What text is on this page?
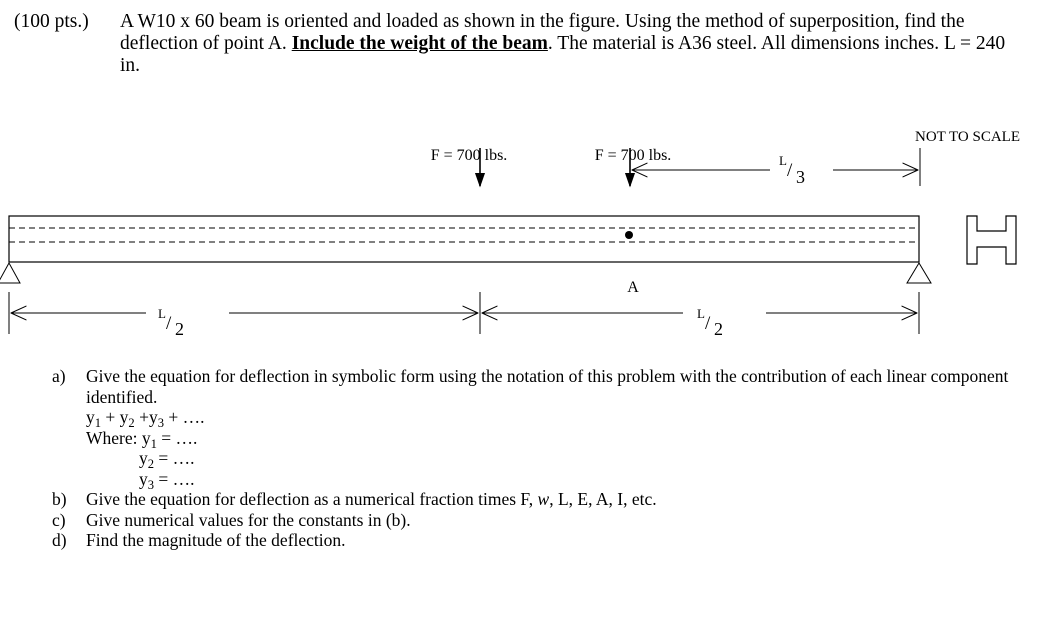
(100 pts.) A W10 x 60 beam is oriented and loaded as shown in the figure. Using the method of superposition, find the deflection of point A. Include the weight of the beam. The material is A36 steel. All dimensions inches. L = 240 in.
NOT TO SCALE
F = 700 lbs.	F = 700 lbs.	L / 3
A
L / 2
L / 2
a) Give the equation for deflection in symbolic form using the notation of this problem with the contribution of each linear component identified.
$y_1 + y_2 +y_3$ + ….
Where: $y_1$ = ….
$y_2$ = ….
$y_3$ = ….
b) Give the equation for deflection as a numerical fraction times F, w, L, E, A, I, etc.
c) Give numerical values for the constants in (b).
d) Find the magnitude of the deflection.
